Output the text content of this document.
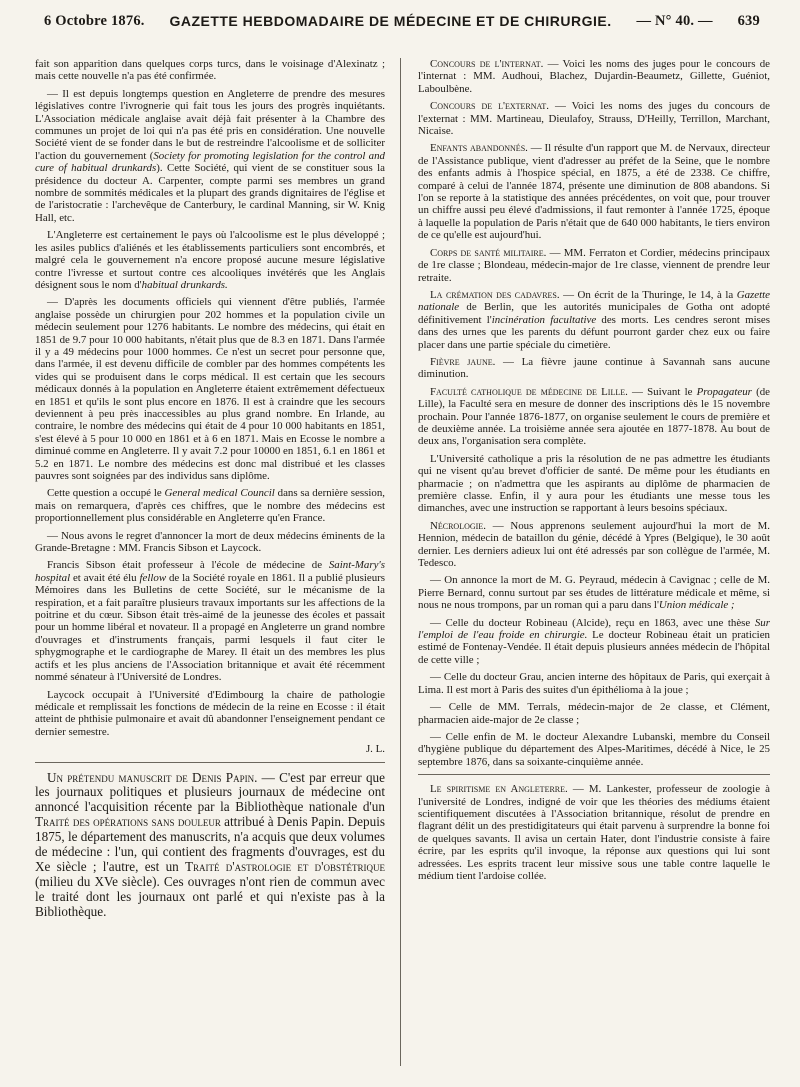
6 Octobre 1876. GAZETTE HEBDOMADAIRE DE MÉDECINE ET DE CHIRURGIE. — N° 40. — 639

fait son apparition dans quelques corps turcs, dans le voisinage d'Alexinatz ; mais cette nouvelle n'a pas été confirmée.

— Il est depuis longtemps question en Angleterre de prendre des mesures législatives contre l'ivrognerie qui fait tous les jours des progrès inquiétants. L'Association médicale anglaise avait déjà fait présenter à la Chambre des communes un projet de loi qui n'a pas été pris en considération. Une nouvelle Société vient de se fonder dans le but de restreindre l'alcoolisme et de solliciter l'action du gouvernement (Society for promoting legislation for the control and cure of habitual drunkards). Cette Société, qui vient de se constituer sous la présidence du docteur A. Carpenter, compte parmi ses membres un grand nombre de sommités médicales et la plupart des grands dignitaires de l'église et de l'aristocratie : l'archevêque de Canterbury, le cardinal Manning, sir W. Knig Hall, etc.

L'Angleterre est certainement le pays où l'alcoolisme est le plus développé ; les asiles publics d'aliénés et les établissements particuliers sont encombrés, et malgré cela le gouvernement n'a encore proposé aucune mesure législative contre l'ivresse et surtout contre ces alcooliques invétérés que les Anglais désignent sous le nom d'habitual drunkards.

— D'après les documents officiels qui viennent d'être publiés, l'armée anglaise possède un chirurgien pour 202 hommes et la population civile un médecin seulement pour 1276 habitants. Le nombre des médecins, qui était en 1851 de 9.7 pour 10 000 habitants, n'était plus que de 8.3 en 1871. Dans l'armée il y a 49 médecins pour 1000 hommes. Ce n'est un secret pour personne que, dans l'armée, il est devenu difficile de combler par des hommes compétents les vides qui se produisent dans le corps médical. Il est certain que les secours médicaux donnés à la population en Angleterre étaient extrêmement défectueux en 1851 et qu'ils le sont plus encore en 1876. Il est à craindre que les secours deviennent à peu près inaccessibles au plus grand nombre. En Irlande, au contraire, le nombre des médecins qui était de 4 pour 10 000 habitants en 1851, s'est élevé à 5 pour 10 000 en 1861 et à 6 en 1871. Mais en Ecosse le nombre a diminué comme en Angleterre. Il y avait 7.2 pour 10000 en 1851, 6.1 en 1861 et 5.2 en 1871. Le nombre des médecins est donc mal distribué et les classes pauvres sont soignées par des individus sans diplôme.

Cette question a occupé le General medical Council dans sa dernière session, mais on remarquera, d'après ces chiffres, que le nombre des médecins est proportionnellement plus considérable en Angleterre qu'en France.

— Nous avons le regret d'annoncer la mort de deux médecins éminents de la Grande-Bretagne : MM. Francis Sibson et Laycock.

Francis Sibson était professeur à l'école de médecine de Saint-Mary's hospital et avait été élu fellow de la Société royale en 1861. Il a publié plusieurs Mémoires dans les Bulletins de cette Société, sur le mécanisme de la respiration, et a fait paraître plusieurs travaux importants sur les affections de la poitrine et du cœur. Sibson était très-aimé de la jeunesse des écoles et passait pour un homme libéral et novateur. Il a propagé en Angleterre un grand nombre d'ouvrages et d'instruments français, parmi lesquels il faut citer le sphygmographe et le cardiographe de Marey. Il était un des membres les plus actifs et les plus anciens de l'Association britannique et avait été récemment nommé sénateur à l'Université de Londres.

Laycock occupait à l'Université d'Edimbourg la chaire de pathologie médicale et remplissait les fonctions de médecin de la reine en Ecosse : il était atteint de phthisie pulmonaire et avait dû abandonner l'enseignement pendant ce dernier semestre.

J. L.

Un prétendu manuscrit de Denis Papin. — C'est par erreur que les journaux politiques et plusieurs journaux de médecine ont annoncé l'acquisition récente par la Bibliothèque nationale d'un Traité des opérations sans douleur attribué à Denis Papin. Depuis 1875, le département des manuscrits, n'a acquis que deux volumes de médecine : l'un, qui contient des fragments d'ouvrages, est du Xe siècle ; l'autre, est un Traité d'astrologie et d'obstétrique (milieu du XVe siècle). Ces ouvrages n'ont rien de commun avec le traité dont les journaux ont parlé et qui n'existe pas à la Bibliothèque.

Concours de l'internat. — Voici les noms des juges pour le concours de l'internat : MM. Audhoui, Blachez, Dujardin-Beaumetz, Gillette, Guéniot, Laboulbène.

Concours de l'externat. — Voici les noms des juges du concours de l'externat : MM. Martineau, Dieulafoy, Strauss, D'Heilly, Terrillon, Marchant, Nicaise.

Enfants abandonnés. — Il résulte d'un rapport que M. de Nervaux, directeur de l'Assistance publique, vient d'adresser au préfet de la Seine, que le nombre des enfants admis à l'hospice spécial, en 1875, a été de 2338. Ce chiffre, comparé à celui de l'année 1874, présente une diminution de 808 abandons. Si l'on se reporte à la statistique des années précédentes, on voit que, pour trouver un chiffre aussi peu élevé d'admissions, il faut remonter à l'année 1725, époque à laquelle la population de Paris n'était que de 640 000 habitants, le tiers environ de ce qu'elle est aujourd'hui.

Corps de santé militaire. — MM. Ferraton et Cordier, médecins principaux de 1re classe ; Blondeau, médecin-major de 1re classe, viennent de prendre leur retraite.

La crémation des cadavres. — On écrit de la Thuringe, le 14, à la Gazette nationale de Berlin, que les autorités municipales de Gotha ont adopté définitivement l'incinération facultative des morts. Les cendres seront mises dans des urnes que les parents du défunt pourront garder chez eux ou faire placer dans une partie spéciale du cimetière.

Fièvre jaune. — La fièvre jaune continue à Savannah sans aucune diminution.

Faculté catholique de médecine de Lille. — Suivant le Propagateur (de Lille), la Faculté sera en mesure de donner des inscriptions dès le 15 novembre prochain. Pour l'année 1876-1877, on organise seulement le cours de première et de deuxième année. La troisième année sera ajoutée en 1877-1878. Au bout de deux ans, l'organisation sera complète.

L'Université catholique a pris la résolution de ne pas admettre les étudiants qui ne visent qu'au brevet d'officier de santé. De même pour les étudiants en pharmacie ; on n'admettra que les aspirants au diplôme de pharmacien de première classe. Enfin, il y aura pour les étudiants une messe tous les dimanches, avec une instruction se rapportant à leurs besoins spéciaux.

Nécrologie. — Nous apprenons seulement aujourd'hui la mort de M. Hennion, médecin de bataillon du génie, décédé à Ypres (Belgique), le 30 août dernier. Les derniers adieux lui ont été adressés par son collègue de l'armée, M. Tedesco.

— On annonce la mort de M. G. Peyraud, médecin à Cavignac ; celle de M. Pierre Bernard, connu surtout par ses études de littérature médicale et même, si nous ne nous trompons, par un roman qui a paru dans l'Union médicale ;

— Celle du docteur Robineau (Alcide), reçu en 1863, avec une thèse Sur l'emploi de l'eau froide en chirurgie. Le docteur Robineau était un praticien estimé de Fontenay-Vendée. Il était depuis plusieurs années médecin de l'hôpital de cette ville ;

— Celle du docteur Grau, ancien interne des hôpitaux de Paris, qui exerçait à Lima. Il est mort à Paris des suites d'un épithélioma à la joue ;

— Celle de MM. Terrals, médecin-major de 2e classe, et Clément, pharmacien aide-major de 2e classe ;

— Celle enfin de M. le docteur Alexandre Lubanski, membre du Conseil d'hygiène publique du département des Alpes-Maritimes, décédé à Nice, le 25 septembre 1876, dans sa soixante-cinquième année.

Le spiritisme en Angleterre. — M. Lankester, professeur de zoologie à l'université de Londres, indigné de voir que les théories des médiums étaient scientifiquement discutées à l'Association britannique, résolut de prendre en flagrant délit un des prestidigitateurs qui était parvenu à surprendre la bonne foi de quelques savants. Il avisa un certain Hater, dont l'industrie consiste à faire écrire, par les esprits qu'il invoque, la réponse aux questions qui lui sont adressées. Les esprits tracent leur missive sous une table contre laquelle le médium tient l'ardoise collée.
